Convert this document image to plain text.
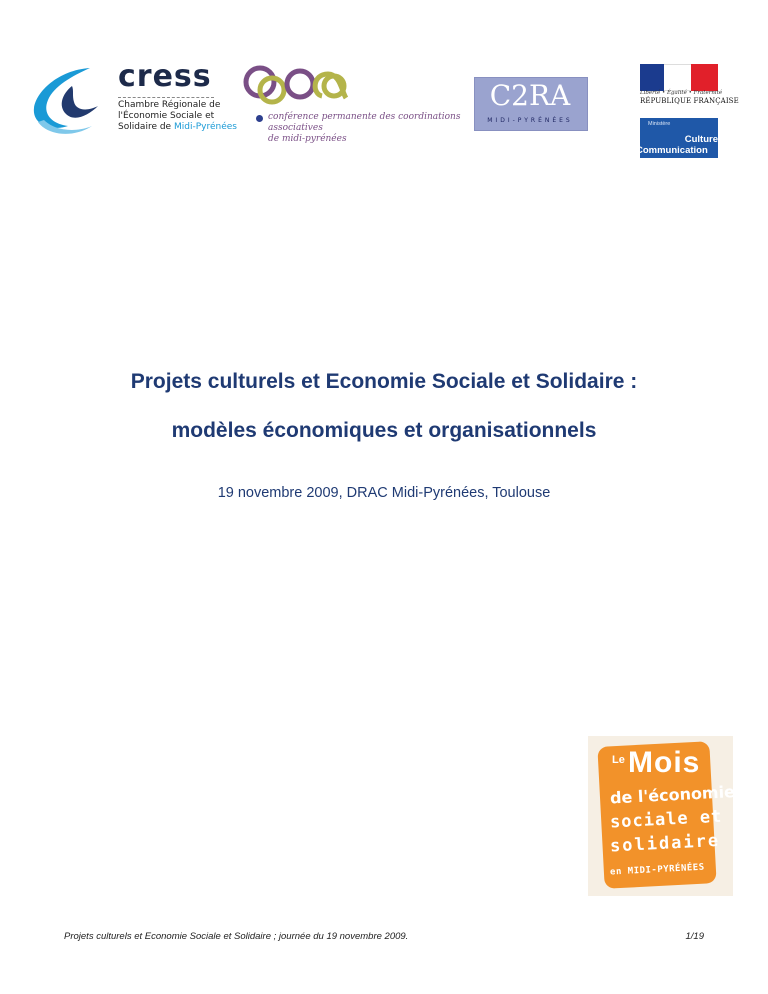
cress
Chambre Régionale de
l'Économie Sociale et
Solidaire de Midi-Pyrénées
conférence permanente des coordinations associatives
de midi-pyrénées
C2RA
MIDI-PYRÉNÉES
Liberté • Égalité • Fraternité
RÉPUBLIQUE FRANÇAISE
Ministère
Culture
Communication
Projets culturels et Economie Sociale et Solidaire :
modèles économiques et organisationnels
19 novembre 2009, DRAC Midi-Pyrénées, Toulouse
Le Mois
de l'économie
sociale et
solidaire
en MIDI-PYRÉNÉES
Projets culturels et Economie Sociale et Solidaire ; journée du 19 novembre 2009.	1/19
